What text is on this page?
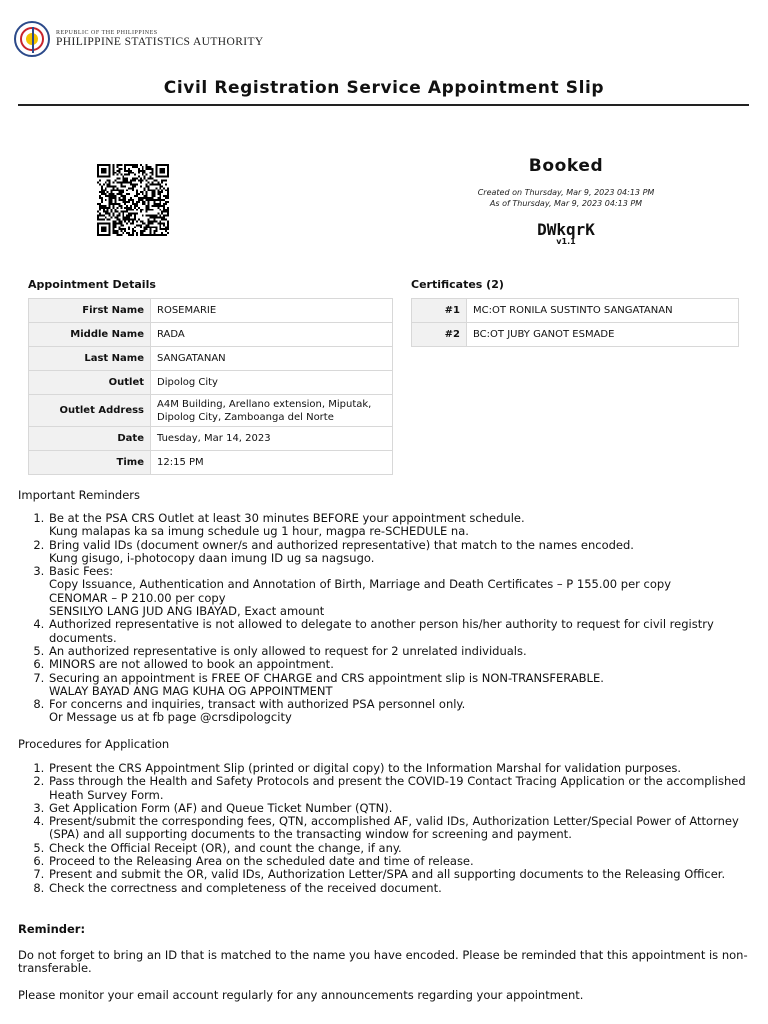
REPUBLIC OF THE PHILIPPINES
PHILIPPINE STATISTICS AUTHORITY
Civil Registration Service Appointment Slip
Booked
Created on Thursday, Mar 9, 2023 04:13 PM
As of Thursday, Mar 9, 2023 04:13 PM
DWkqrK
v1.1
Appointment Details	Certificates (2)
First Name	ROSEMARIE
Middle Name	RADA
Last Name	SANGATANAN
Outlet	Dipolog City
Outlet Address	A4M Building, Arellano extension, Miputak, Dipolog City, Zamboanga del Norte
Date	Tuesday, Mar 14, 2023
Time	12:15 PM
#1	MC:OT RONILA SUSTINTO SANGATANAN
#2	BC:OT JUBY GANOT ESMADE
Important Reminders
1. Be at the PSA CRS Outlet at least 30 minutes BEFORE your appointment schedule.
Kung malapas ka sa imung schedule ug 1 hour, magpa re-SCHEDULE na.
2. Bring valid IDs (document owner/s and authorized representative) that match to the names encoded.
Kung gisugo, i-photocopy daan imung ID ug sa nagsugo.
3. Basic Fees:
Copy Issuance, Authentication and Annotation of Birth, Marriage and Death Certificates – P 155.00 per copy
CENOMAR – P 210.00 per copy
SENSILYO LANG JUD ANG IBAYAD, Exact amount
4. Authorized representative is not allowed to delegate to another person his/her authority to request for civil registry documents.
5. An authorized representative is only allowed to request for 2 unrelated individuals.
6. MINORS are not allowed to book an appointment.
7. Securing an appointment is FREE OF CHARGE and CRS appointment slip is NON-TRANSFERABLE.
WALAY BAYAD ANG MAG KUHA OG APPOINTMENT
8. For concerns and inquiries, transact with authorized PSA personnel only.
Or Message us at fb page @crsdipologcity
Procedures for Application
1. Present the CRS Appointment Slip (printed or digital copy) to the Information Marshal for validation purposes.
2. Pass through the Health and Safety Protocols and present the COVID-19 Contact Tracing Application or the accomplished Heath Survey Form.
3. Get Application Form (AF) and Queue Ticket Number (QTN).
4. Present/submit the corresponding fees, QTN, accomplished AF, valid IDs, Authorization Letter/Special Power of Attorney (SPA) and all supporting documents to the transacting window for screening and payment.
5. Check the Official Receipt (OR), and count the change, if any.
6. Proceed to the Releasing Area on the scheduled date and time of release.
7. Present and submit the OR, valid IDs, Authorization Letter/SPA and all supporting documents to the Releasing Officer.
8. Check the correctness and completeness of the received document.
Reminder:
Do not forget to bring an ID that is matched to the name you have encoded. Please be reminded that this appointment is non-transferable.
Please monitor your email account regularly for any announcements regarding your appointment.
